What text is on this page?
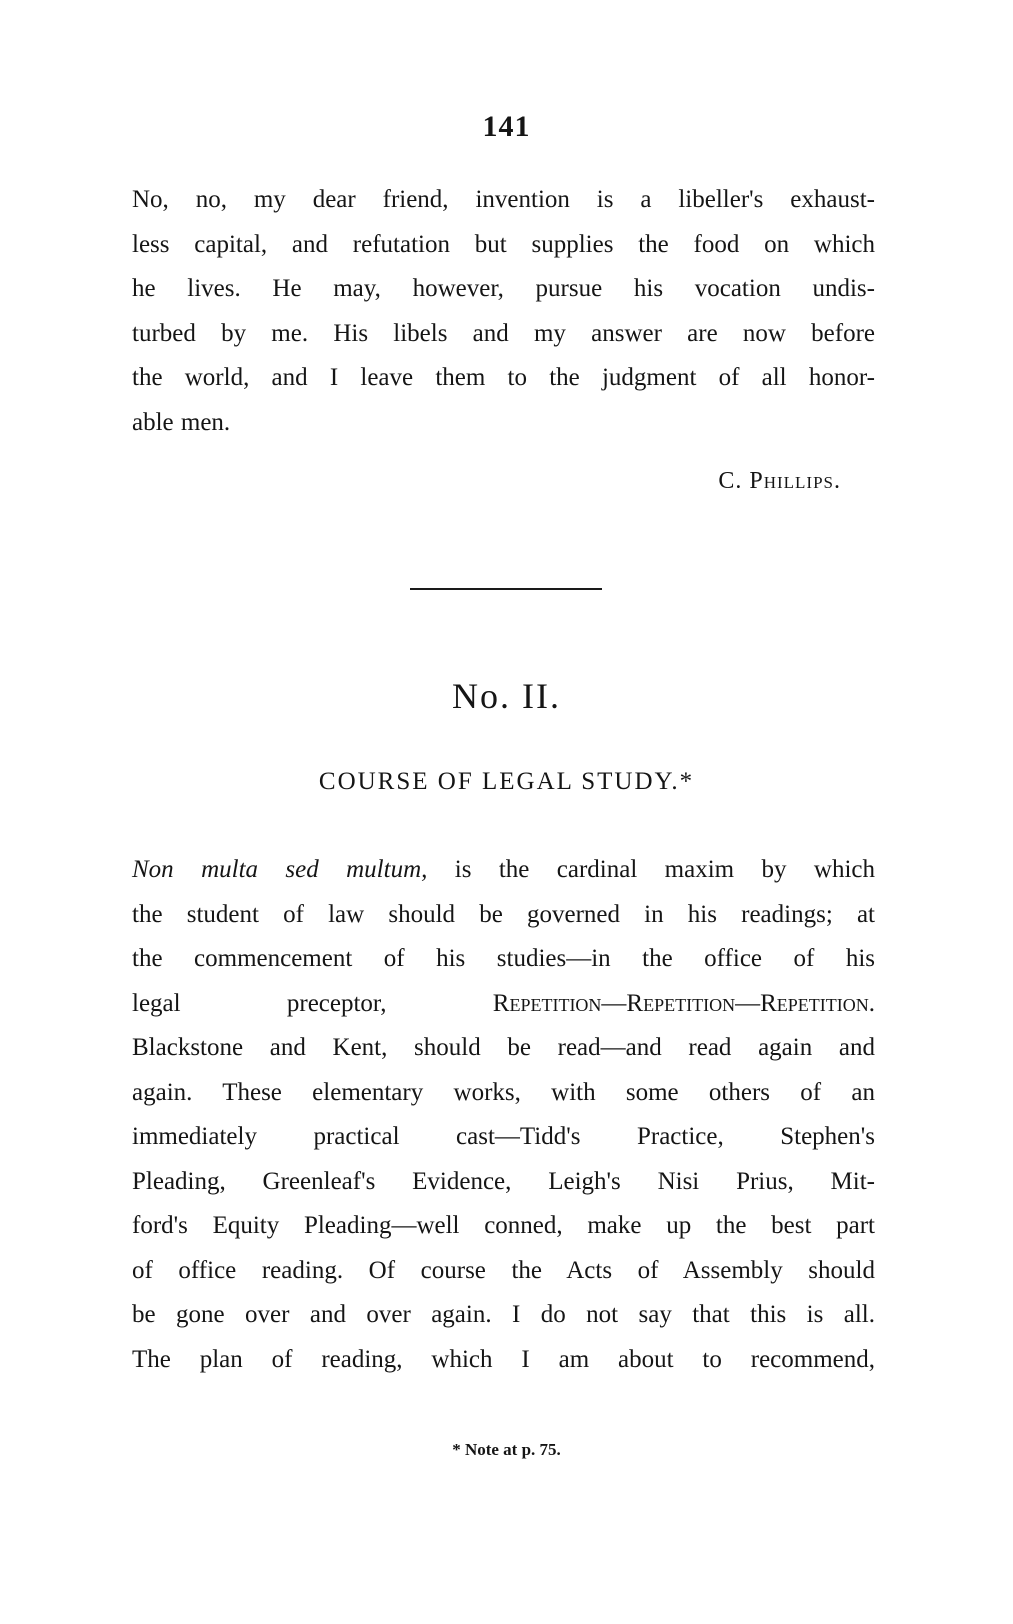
141
No, no, my dear friend, invention is a libeller's exhaust-
less capital, and refutation but supplies the food on which
he lives. He may, however, pursue his vocation undis-
turbed by me. His libels and my answer are now before
the world, and I leave them to the judgment of all honor-
able men.
C. Phillips.
No. II.
COURSE OF LEGAL STUDY.*
Non multa sed multum, is the cardinal maxim by which
the student of law should be governed in his readings; at
the commencement of his studies—in the office of his
legal preceptor, Repetition—Repetition—Repetition.
Blackstone and Kent, should be read—and read again and
again. These elementary works, with some others of an
immediately practical cast—Tidd's Practice, Stephen's
Pleading, Greenleaf's Evidence, Leigh's Nisi Prius, Mit-
ford's Equity Pleading—well conned, make up the best part
of office reading. Of course the Acts of Assembly should
be gone over and over again. I do not say that this is all.
The plan of reading, which I am about to recommend,
* Note at p. 75.
